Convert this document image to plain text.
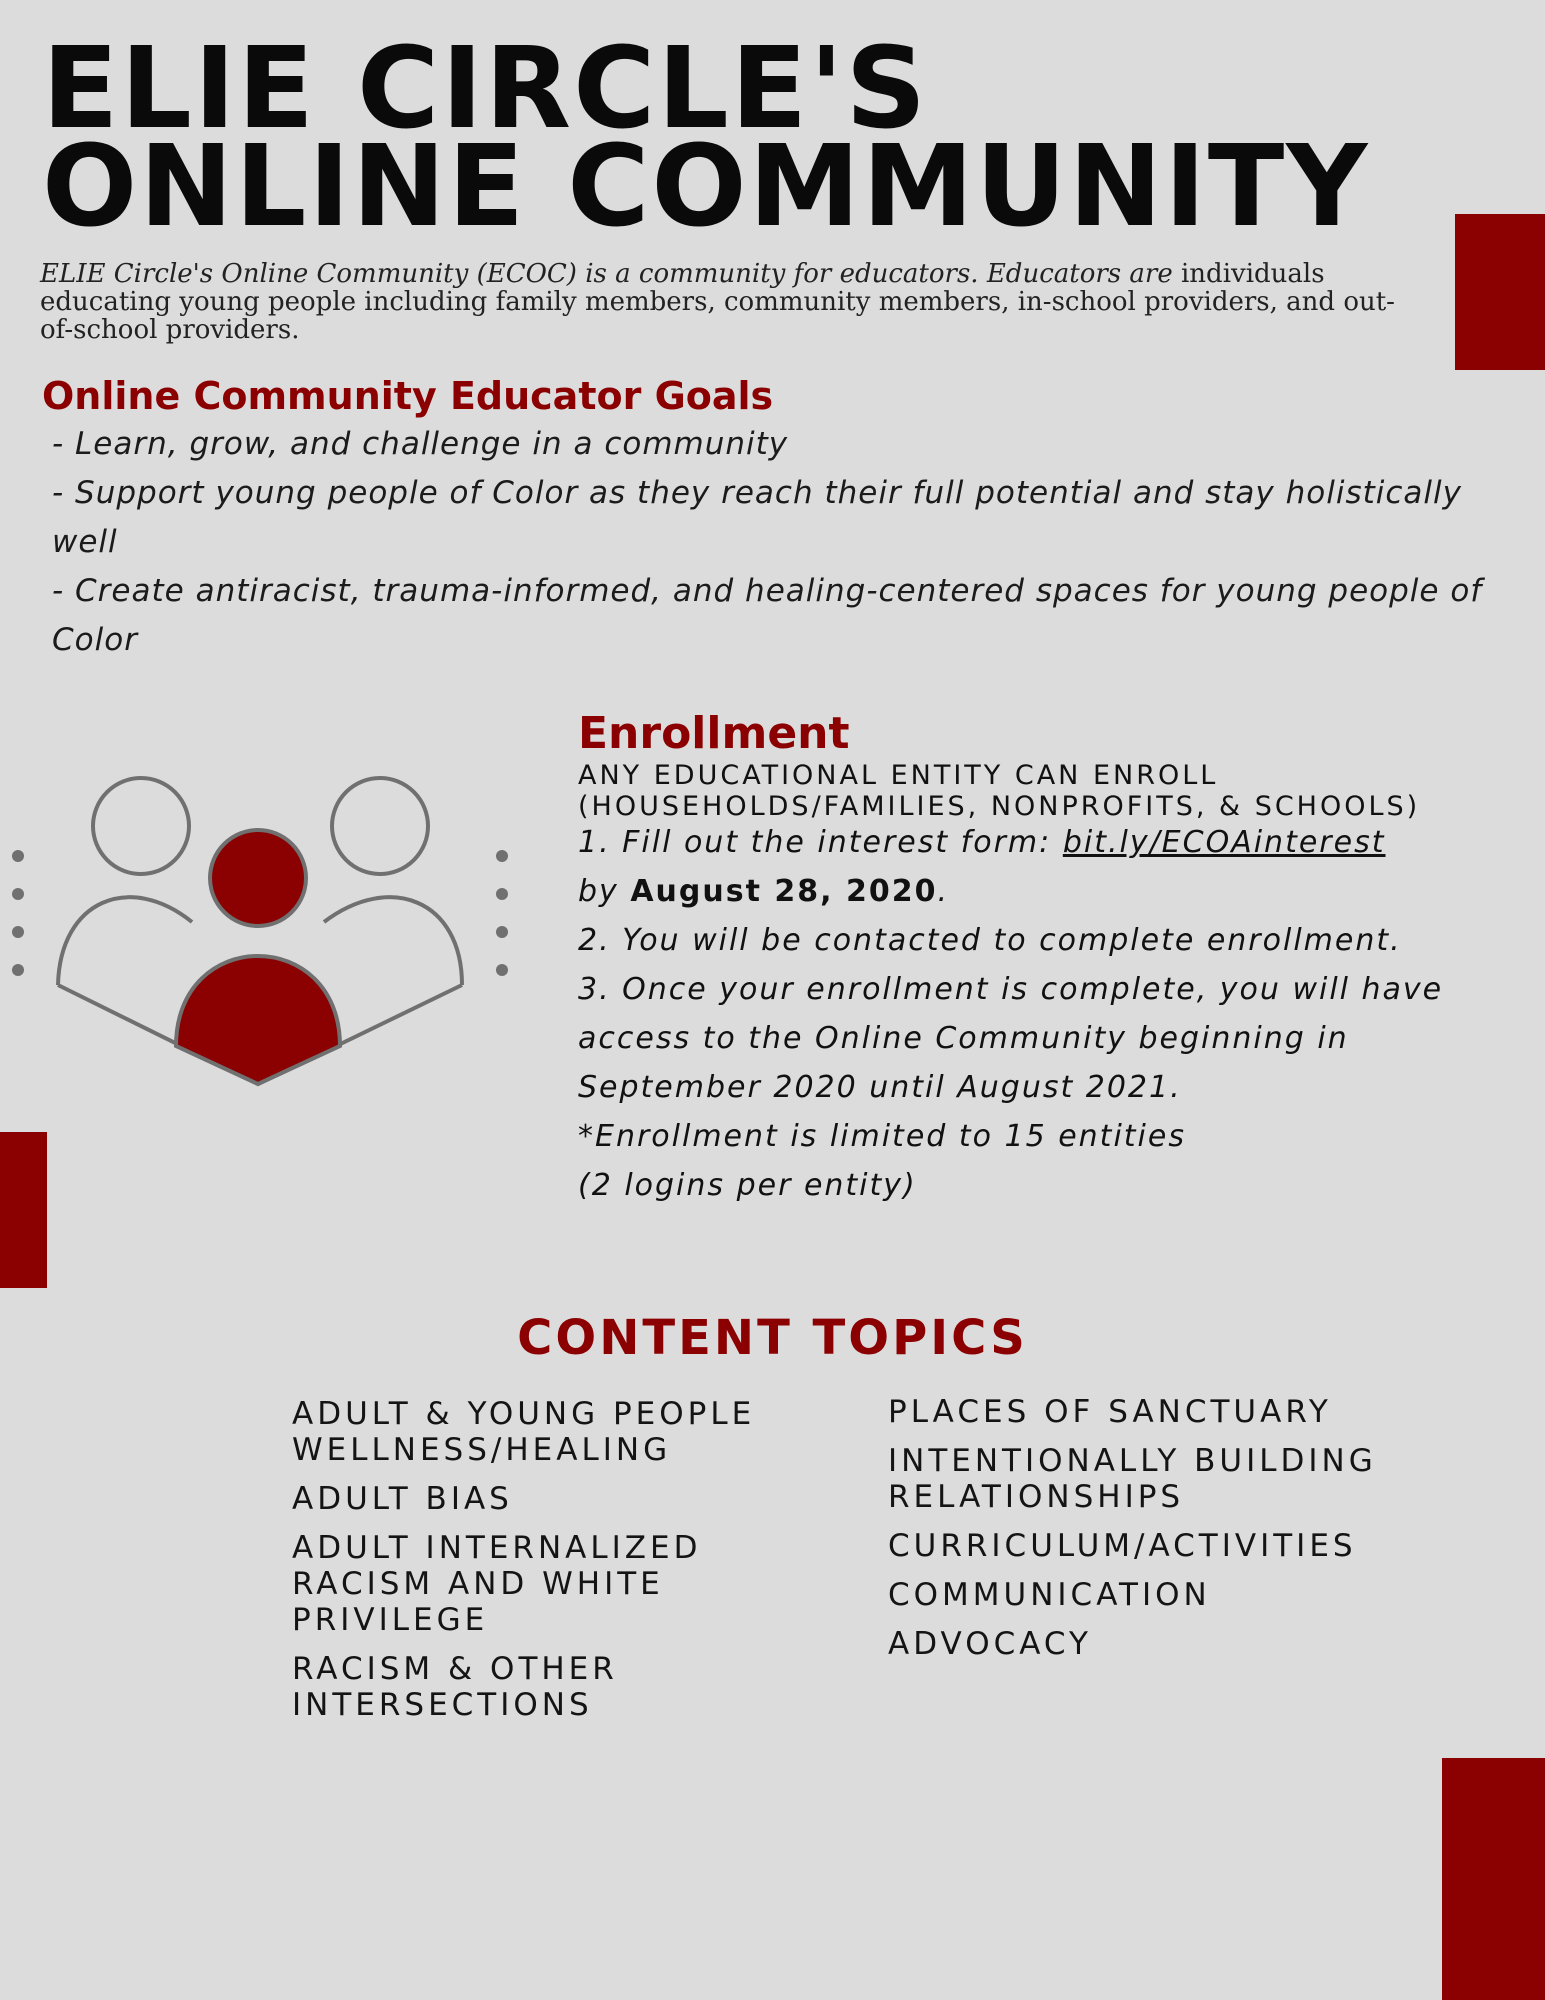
ELIE CIRCLE'S
ONLINE COMMUNITY

ELIE Circle's Online Community (ECOC) is a community for educators. Educators are individuals educating young people including family members, community members, in-school providers, and out-of-school providers.

Online Community Educator Goals
- Learn, grow, and challenge in a community
- Support young people of Color as they reach their full potential and stay holistically well
- Create antiracist, trauma-informed, and healing-centered spaces for young people of Color
Enrollment
ANY EDUCATIONAL ENTITY CAN ENROLL
(HOUSEHOLDS/FAMILIES, NONPROFITS, & SCHOOLS)

1. Fill out the interest form: bit.ly/ECOAinterest

by August 28, 2020.

2. You will be contacted to complete enrollment.

3. Once your enrollment is complete, you will have

access to the Online Community beginning in

September 2020 until August 2021.

*Enrollment is limited to 15 entities

(2 logins per entity)

CONTENT TOPICS
ADULT & YOUNG PEOPLE
WELLNESS/HEALING
ADULT BIAS
ADULT INTERNALIZED
RACISM AND WHITE
PRIVILEGE
RACISM & OTHER
INTERSECTIONS
PLACES OF SANCTUARY
INTENTIONALLY BUILDING
RELATIONSHIPS
CURRICULUM/ACTIVITIES
COMMUNICATION
ADVOCACY
